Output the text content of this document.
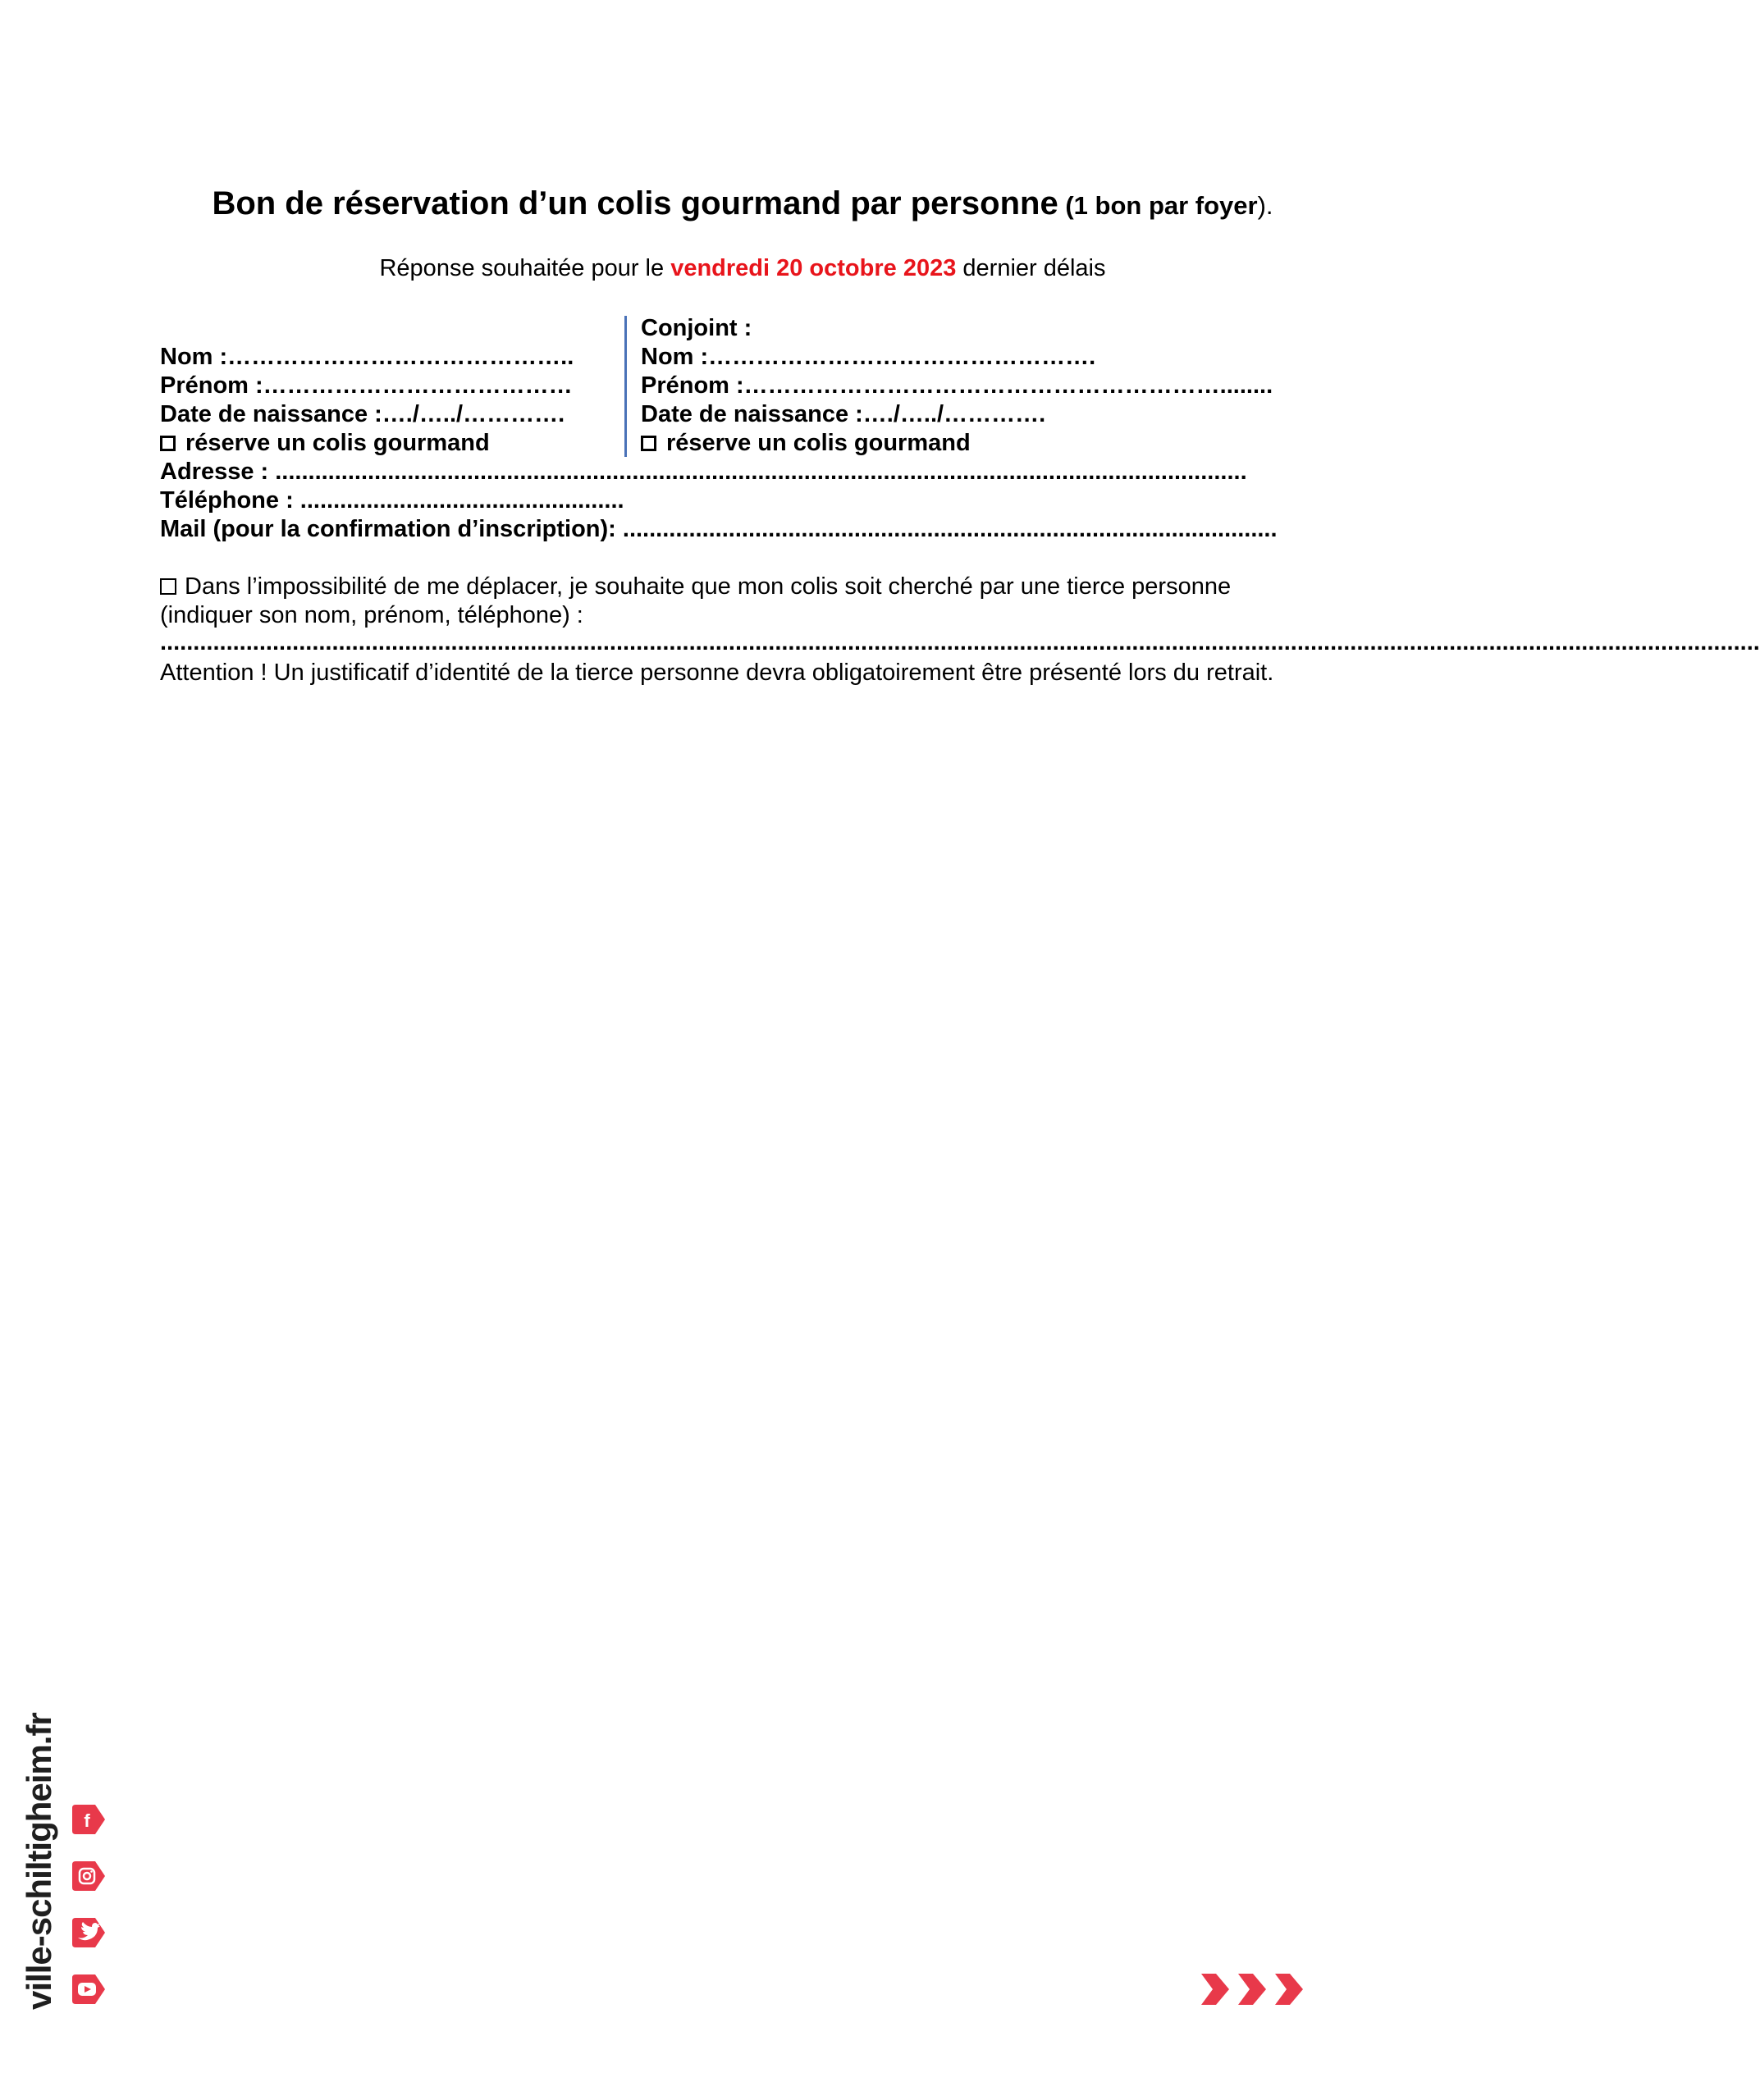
Bon de réservation d’un colis gourmand par personne (1 bon par foyer).
Réponse souhaitée pour le vendredi 20 octobre 2023 dernier délais
Nom :……………………………………..
Prénom :…………………………………
Date de naissance :…./…../………….
réserve un colis gourmand
Conjoint :
Nom :………………………………………….
Prénom :……………………………………………………........
Date de naissance :…./…../………….
réserve un colis gourmand
Adresse : ...................................................................................................................................................
Téléphone : .................................................
Mail (pour la confirmation d’inscription): ...................................................................................................
Dans l’impossibilité de me déplacer, je souhaite que mon colis soit cherché par une tierce personne
(indiquer son nom, prénom, téléphone) :
..................................................................................................................................................................................................................................................
Attention ! Un justificatif d’identité de la tierce personne devra obligatoirement être présenté lors du retrait.
ville-schiltigheim.fr f
